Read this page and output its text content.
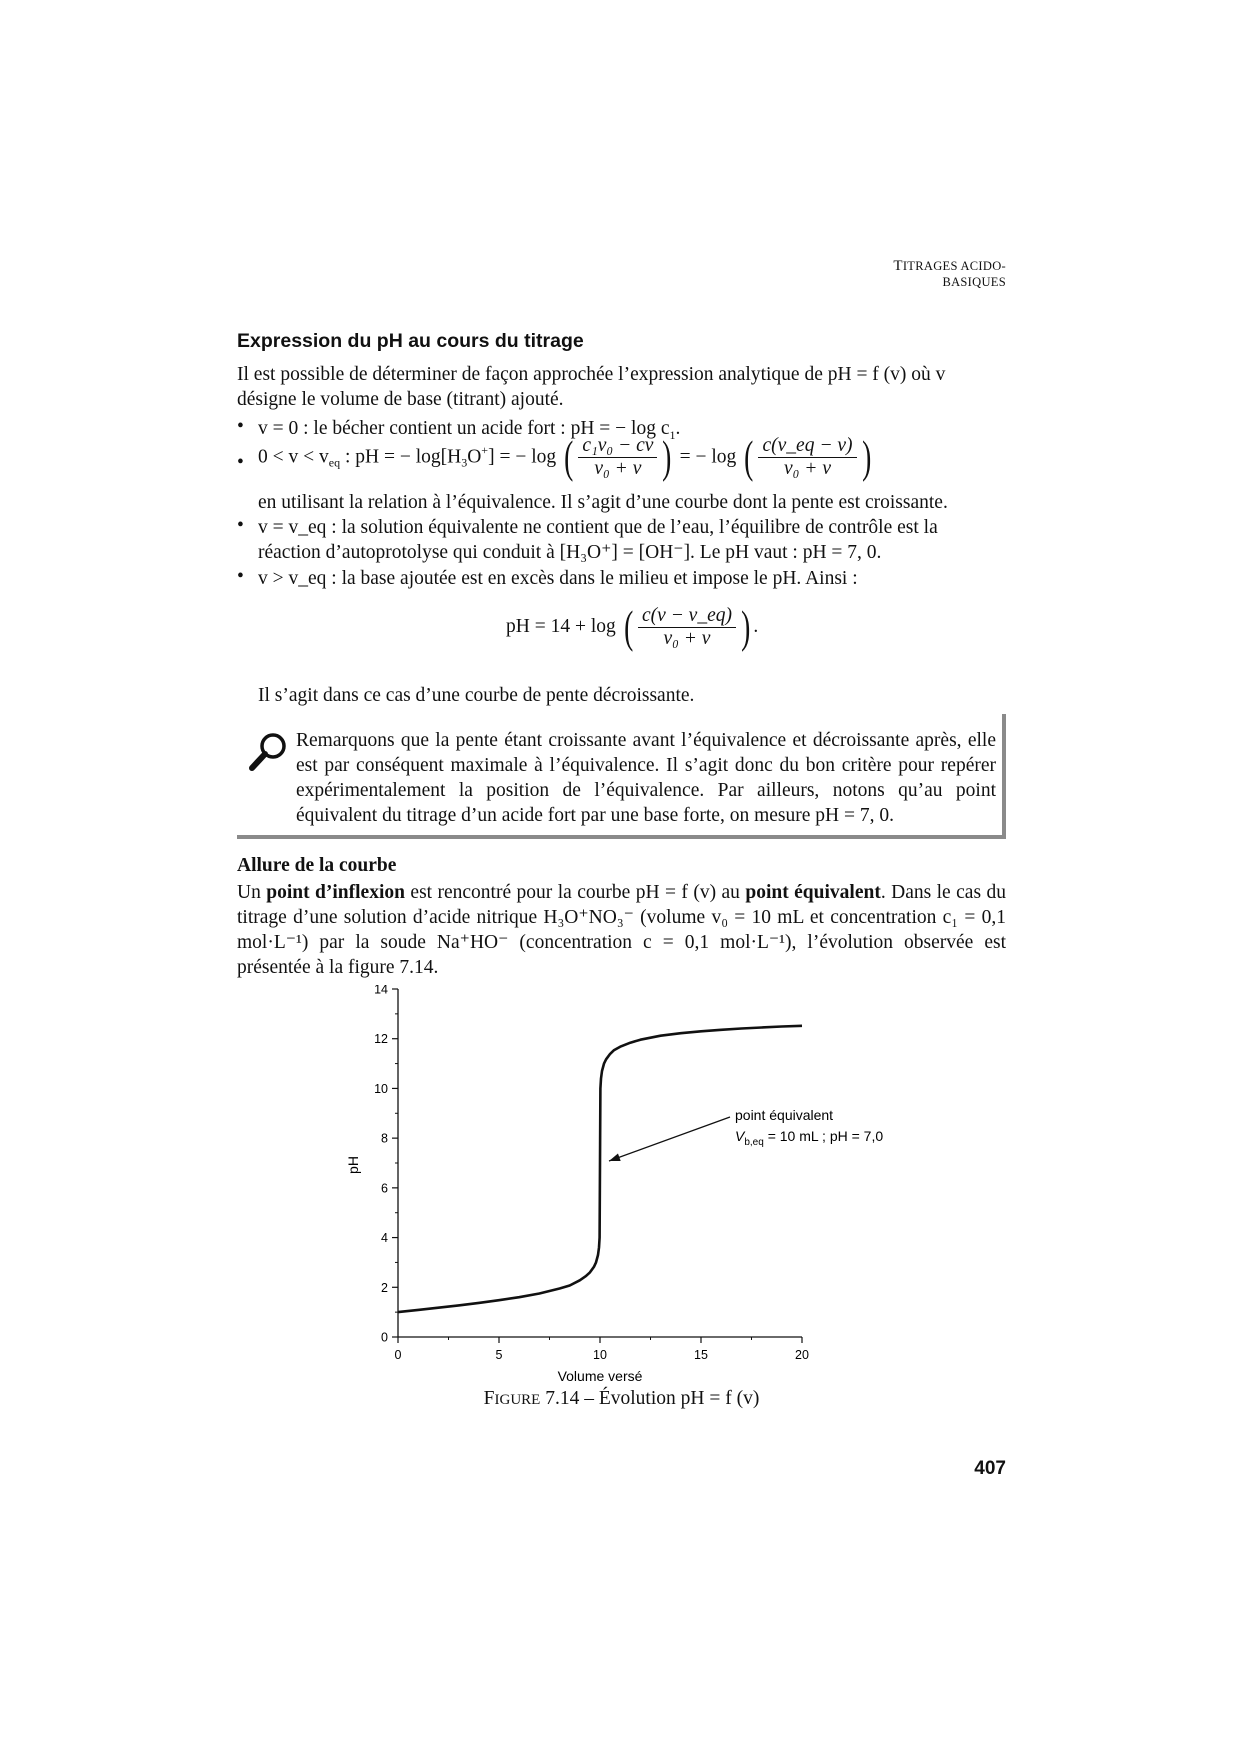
TITRAGES ACIDO-BASIQUES
Expression du pH au cours du titrage
Il est possible de déterminer de façon approchée l’expression analytique de pH = f (v) où v
désigne le volume de base (titrant) ajouté.
• v = 0 : le bécher contient un acide fort : pH = − $\log c_1$.
• $0 < v < v_{eq}$ : pH = − $\log[H_3O^+]$ = − log ( $\frac{\text{c₁v₀ − cv}}{\text{v₀ + v}}$ ) = − log ( $\frac{c(v\_eq - v)}{\text{v₀ + v}}$ )
en utilisant la relation à l’équivalence. Il s’agit d’une courbe dont la pente est croissante.
• v = v_eq : la solution équivalente ne contient que de l’eau, l’équilibre de contrôle est la
réaction d’autoprotolyse qui conduit à [H₃O⁺] = [OH⁻]. Le pH vaut : pH = 7, 0.
• v > v_eq : la base ajoutée est en excès dans le milieu et impose le pH. Ainsi :
pH = 14 + log ( $\frac{c(v - v\_eq)}{\text{v₀ + v}}$ ) .
Il s’agit dans ce cas d’une courbe de pente décroissante.
Remarquons que la pente étant croissante avant l’équivalence et décroissante après, elle est par conséquent maximale à l’équivalence. Il s’agit donc du bon critère pour repérer expérimentalement la position de l’équivalence. Par ailleurs, notons qu’au point équivalent du titrage d’un acide fort par une base forte, on mesure pH = 7, 0.
Allure de la courbe
Un point d’inflexion est rencontré pour la courbe pH = f (v) au point équivalent. Dans le cas du titrage d’une solution d’acide nitrique H₃O⁺NO₃⁻ (volume v₀ = 10 mL et concentration c₁ = 0,1 mol·L⁻¹) par la soude Na⁺HO⁻ (concentration c = 0,1 mol·L⁻¹), l’évolution observée est présentée à la figure 7.14.
0
2
4
6
8
10
12
14
0	5	10	15	20
pH
Volume versé
point équivalent
$V_{b,eq} = 10$ mL ; pH = 7,0
FIGURE 7.14 – Évolution pH = f (v)
407
